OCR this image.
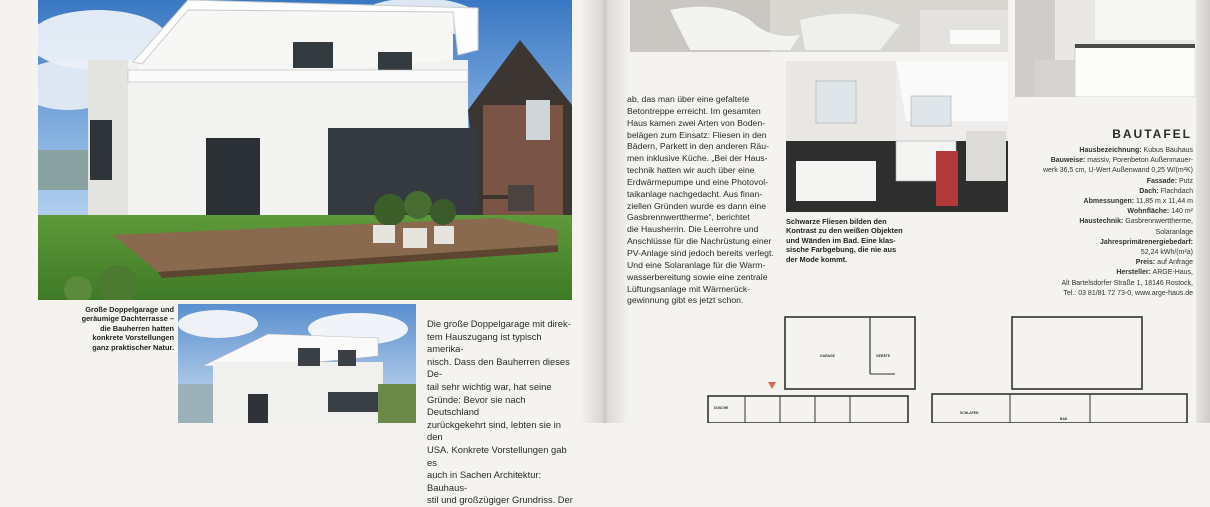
Große Doppelgarage und
geräumige Dachterrasse –
die Bauherren hatten
konkrete Vorstellungen
ganz praktischer Natur.
Die große Doppelgarage mit direk-
tem Hauszugang ist typisch amerika-
nisch. Dass den Bauherren dieses De-
tail sehr wichtig war, hat seine
Gründe: Bevor sie nach Deutschland
zurückgekehrt sind, lebten sie in den
USA. Konkrete Vorstellungen gab es
auch in Sachen Architektur: Bauhaus-
stil und großzügiger Grundriss. Der
Schwarze Fliesen bilden den
Kontrast zu den weißen Objekten
und Wänden im Bad. Eine klas-
sische Farbgebung, die nie aus
der Mode kommt.
ab, das man über eine gefaltete
Betontreppe erreicht. Im gesamten
Haus kamen zwei Arten von Boden-
belägen zum Einsatz: Fliesen in den
Bädern, Parkett in den anderen Räu-
men inklusive Küche. „Bei der Haus-
technik hatten wir auch über eine
Erdwärmepumpe und eine Photovol-
taikanlage nachgedacht. Aus finan-
ziellen Gründen wurde es dann eine
Gasbrennwerttherme“, berichtet
die Hausherrin. Die Leerrohre und
Anschlüsse für die Nachrüstung einer
PV-Anlage sind jedoch bereits verlegt.
Und eine Solaranlage für die Warm-
wasserbereitung sowie eine zentrale
Lüftungsanlage mit Wärmerück-
gewinnung gibt es jetzt schon.
BAUTAFEL
Hausbezeichnung: Kubus Bauhaus
Bauweise: massiv, Porenbeton Außenmauer-
werk 36,5 cm, U-Wert Außenwand 0,25 W/(m²K)
Fassade: Putz
Dach: Flachdach
Abmessungen: 11,85 m x 11,44 m
Wohnfläche: 140 m²
Haustechnik: Gasbrennwerttherme,
Solaranlage
Jahresprimärenergiebedarf:
52,24 kWh/(m²a)
Preis: auf Anfrage
Hersteller: ARGE-Haus,
Alt Bartelsdorfer Straße 1, 18146 Rostock,
Tel.: 03 81/81 72 73-0, www.arge-haus.de
GARAGE	GERÄTE
DUSCHE
SCHLAFEN
BAD
